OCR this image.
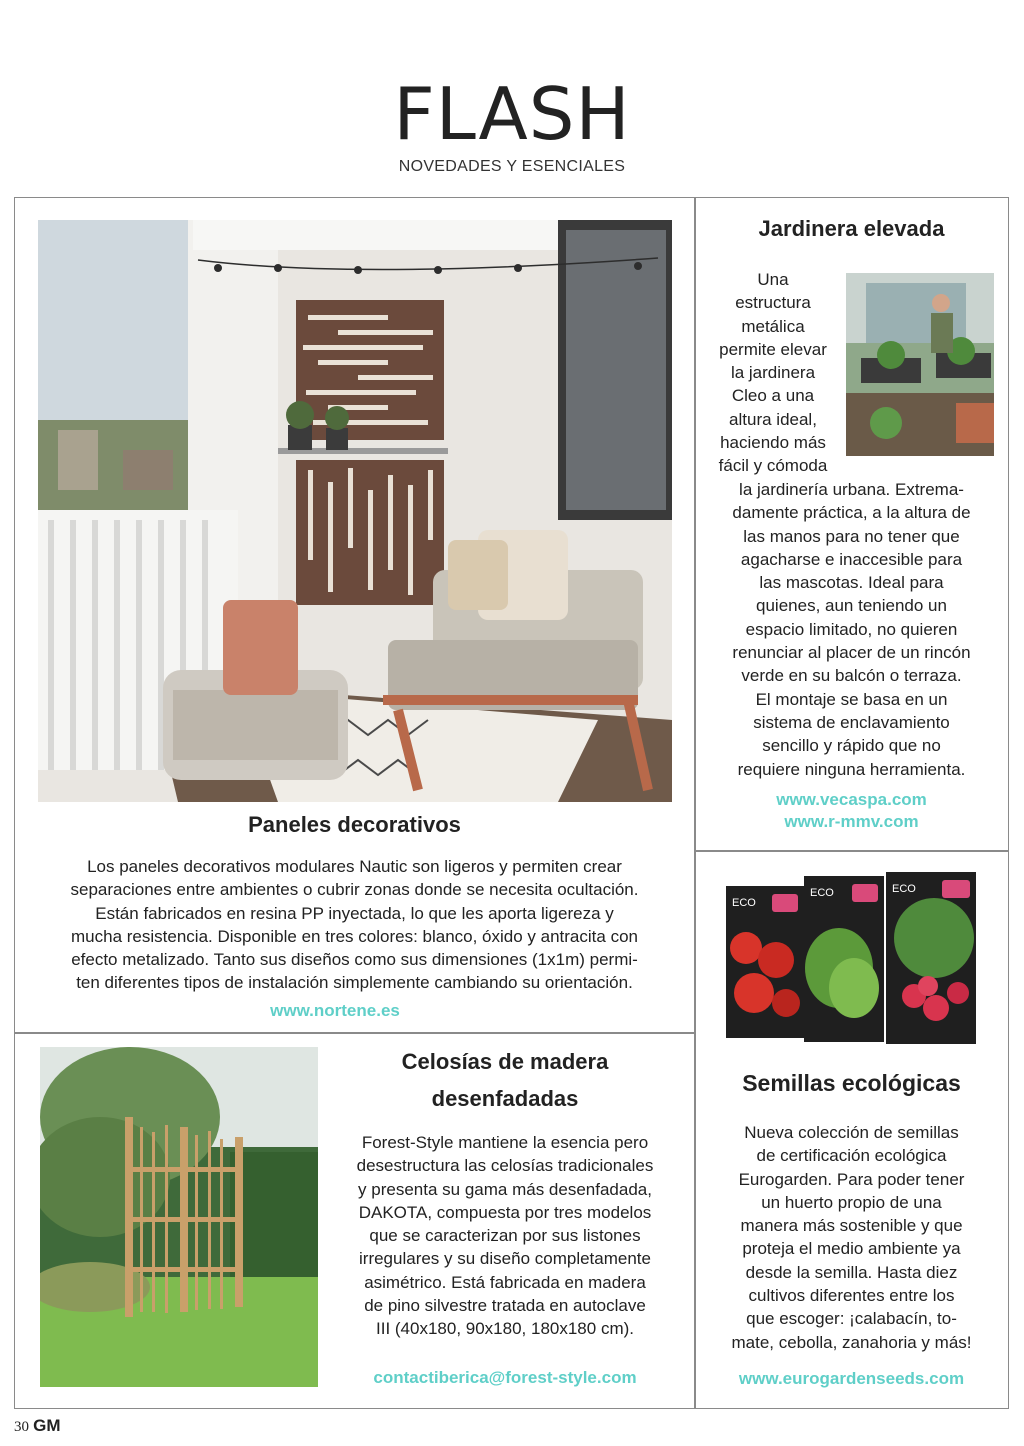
FLASH
NOVEDADES Y ESENCIALES
Paneles decorativos
Los paneles decorativos modulares Nautic son ligeros y permiten crear
separaciones entre ambientes o cubrir zonas donde se necesita ocultación.
Están fabricados en resina PP inyectada, lo que les aporta ligereza y
mucha resistencia. Disponible en tres colores: blanco, óxido y antracita con
efecto metalizado. Tanto sus diseños como sus dimensiones (1x1m) permi-
ten diferentes tipos de instalación simplemente cambiando su orientación.
www.nortene.es
Jardinera elevada
Una
estructura
metálica
permite elevar
la jardinera
Cleo a una
altura ideal,
haciendo más
fácil y cómoda
la jardinería urbana. Extrema-
damente práctica, a la altura de
las manos para no tener que
agacharse e inaccesible para
las mascotas. Ideal para
quienes, aun teniendo un
espacio limitado, no quieren
renunciar al placer de un rincón
verde en su balcón o terraza.
El montaje se basa en un
sistema de enclavamiento
sencillo y rápido que no
requiere ninguna herramienta.
www.vecaspa.com
www.r-mmv.com
Celosías de madera
desenfadadas
Forest-Style mantiene la esencia pero
desestructura las celosías tradicionales
y presenta su gama más desenfadada,
DAKOTA, compuesta por tres modelos
que se caracterizan por sus listones
irregulares y su diseño completamente
asimétrico. Está fabricada en madera
de pino silvestre tratada en autoclave
III (40x180, 90x180, 180x180 cm).
contactiberica@forest-style.com
ECO
ECO	ECO
Semillas ecológicas
Nueva colección de semillas
de certificación ecológica
Eurogarden. Para poder tener
un huerto propio de una
manera más sostenible y que
proteja el medio ambiente ya
desde la semilla. Hasta diez
cultivos diferentes entre los
que escoger: ¡calabacín, to-
mate, cebolla, zanahoria y más!
www.eurogardenseeds.com
30 GM
